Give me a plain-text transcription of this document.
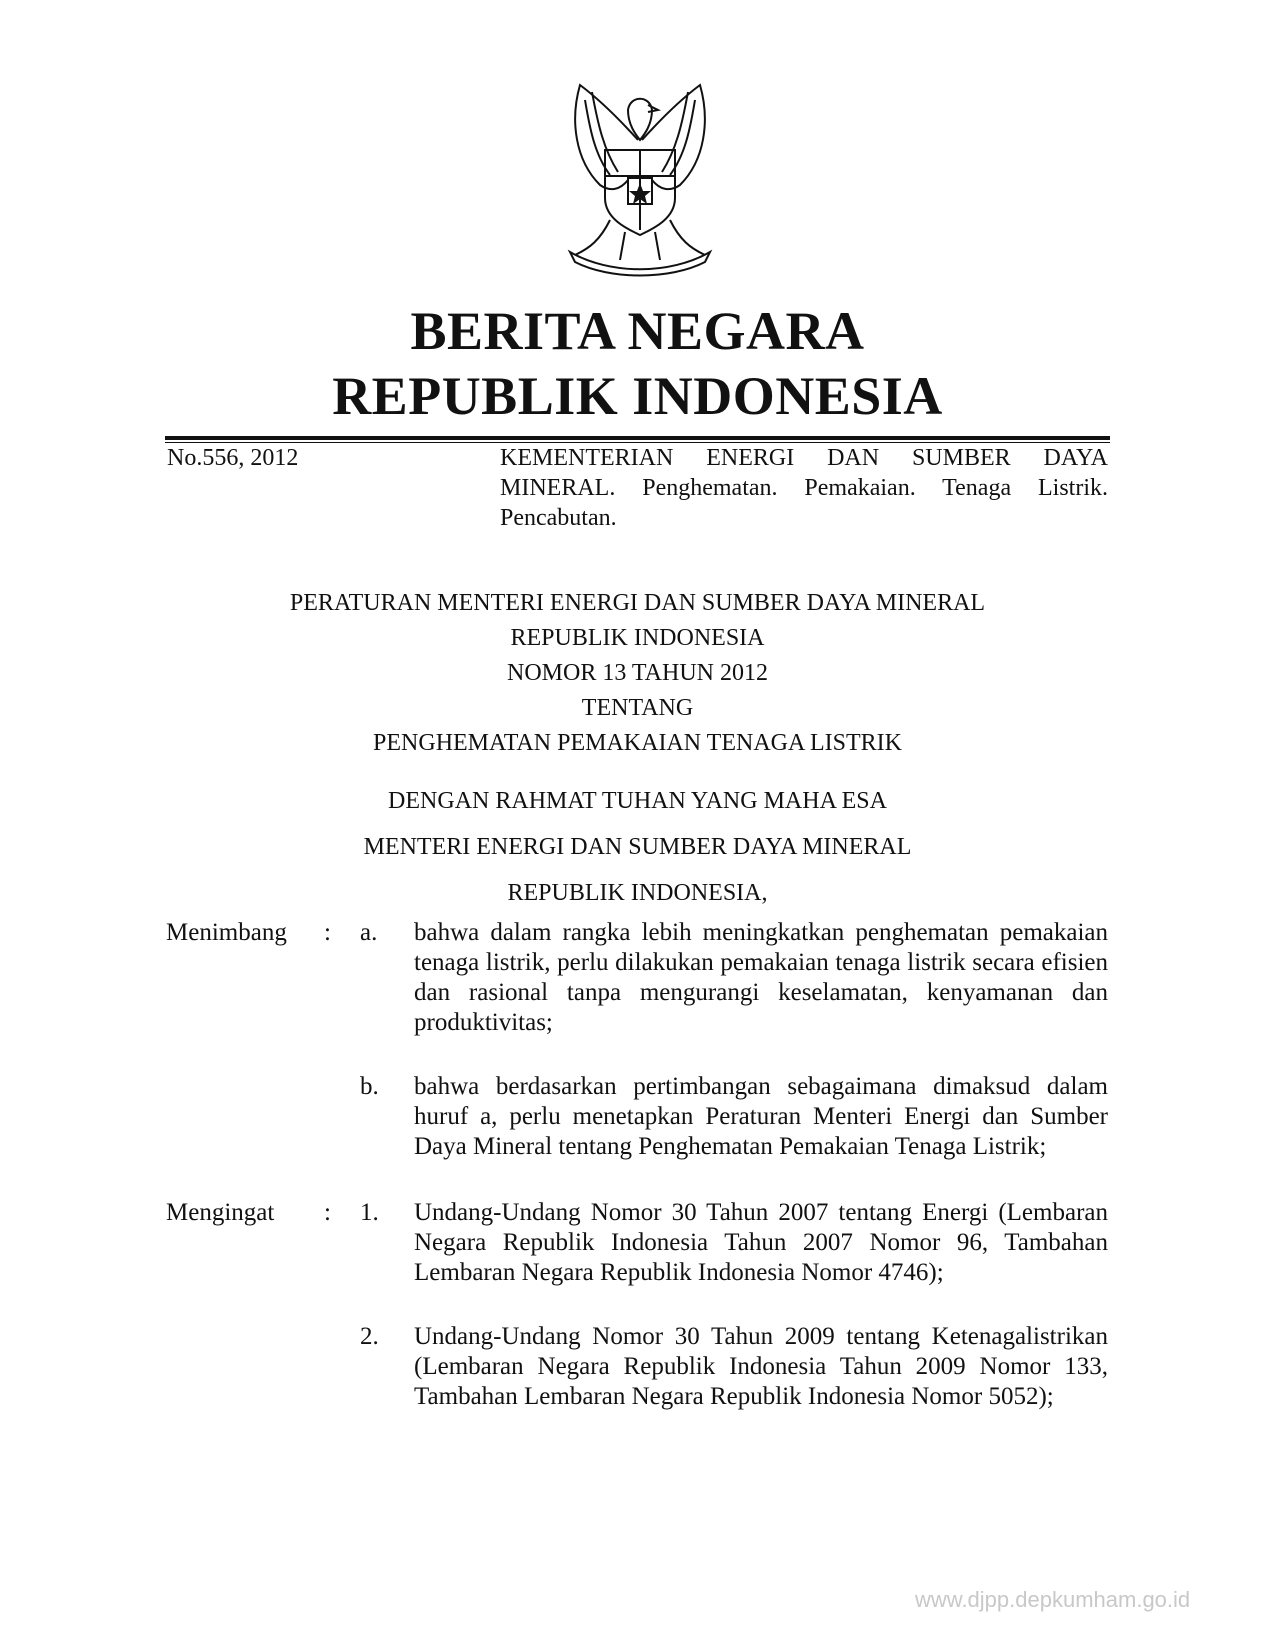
BERITA NEGARA
REPUBLIK INDONESIA
No.556, 2012	KEMENTERIAN ENERGI DAN SUMBER DAYA MINERAL. Penghematan. Pemakaian. Tenaga Listrik. Pencabutan.
PERATURAN MENTERI ENERGI DAN SUMBER DAYA MINERAL
REPUBLIK INDONESIA
NOMOR 13 TAHUN 2012
TENTANG
PENGHEMATAN PEMAKAIAN TENAGA LISTRIK
DENGAN RAHMAT TUHAN YANG MAHA ESA
MENTERI ENERGI DAN SUMBER DAYA MINERAL
REPUBLIK INDONESIA,
Menimbang : a. bahwa dalam rangka lebih meningkatkan penghematan pemakaian tenaga listrik, perlu dilakukan pemakaian tenaga listrik secara efisien dan rasional tanpa mengurangi keselamatan, kenyamanan dan produktivitas;
b. bahwa berdasarkan pertimbangan sebagaimana dimaksud dalam huruf a, perlu menetapkan Peraturan Menteri Energi dan Sumber Daya Mineral tentang Penghematan Pemakaian Tenaga Listrik;
Mengingat : 1. Undang-Undang Nomor 30 Tahun 2007 tentang Energi (Lembaran Negara Republik Indonesia Tahun 2007 Nomor 96, Tambahan Lembaran Negara Republik Indonesia Nomor 4746);
2. Undang-Undang Nomor 30 Tahun 2009 tentang Ketenagalistrikan (Lembaran Negara Republik Indonesia Tahun 2009 Nomor 133, Tambahan Lembaran Negara Republik Indonesia Nomor 5052);
www.djpp.depkumham.go.id
